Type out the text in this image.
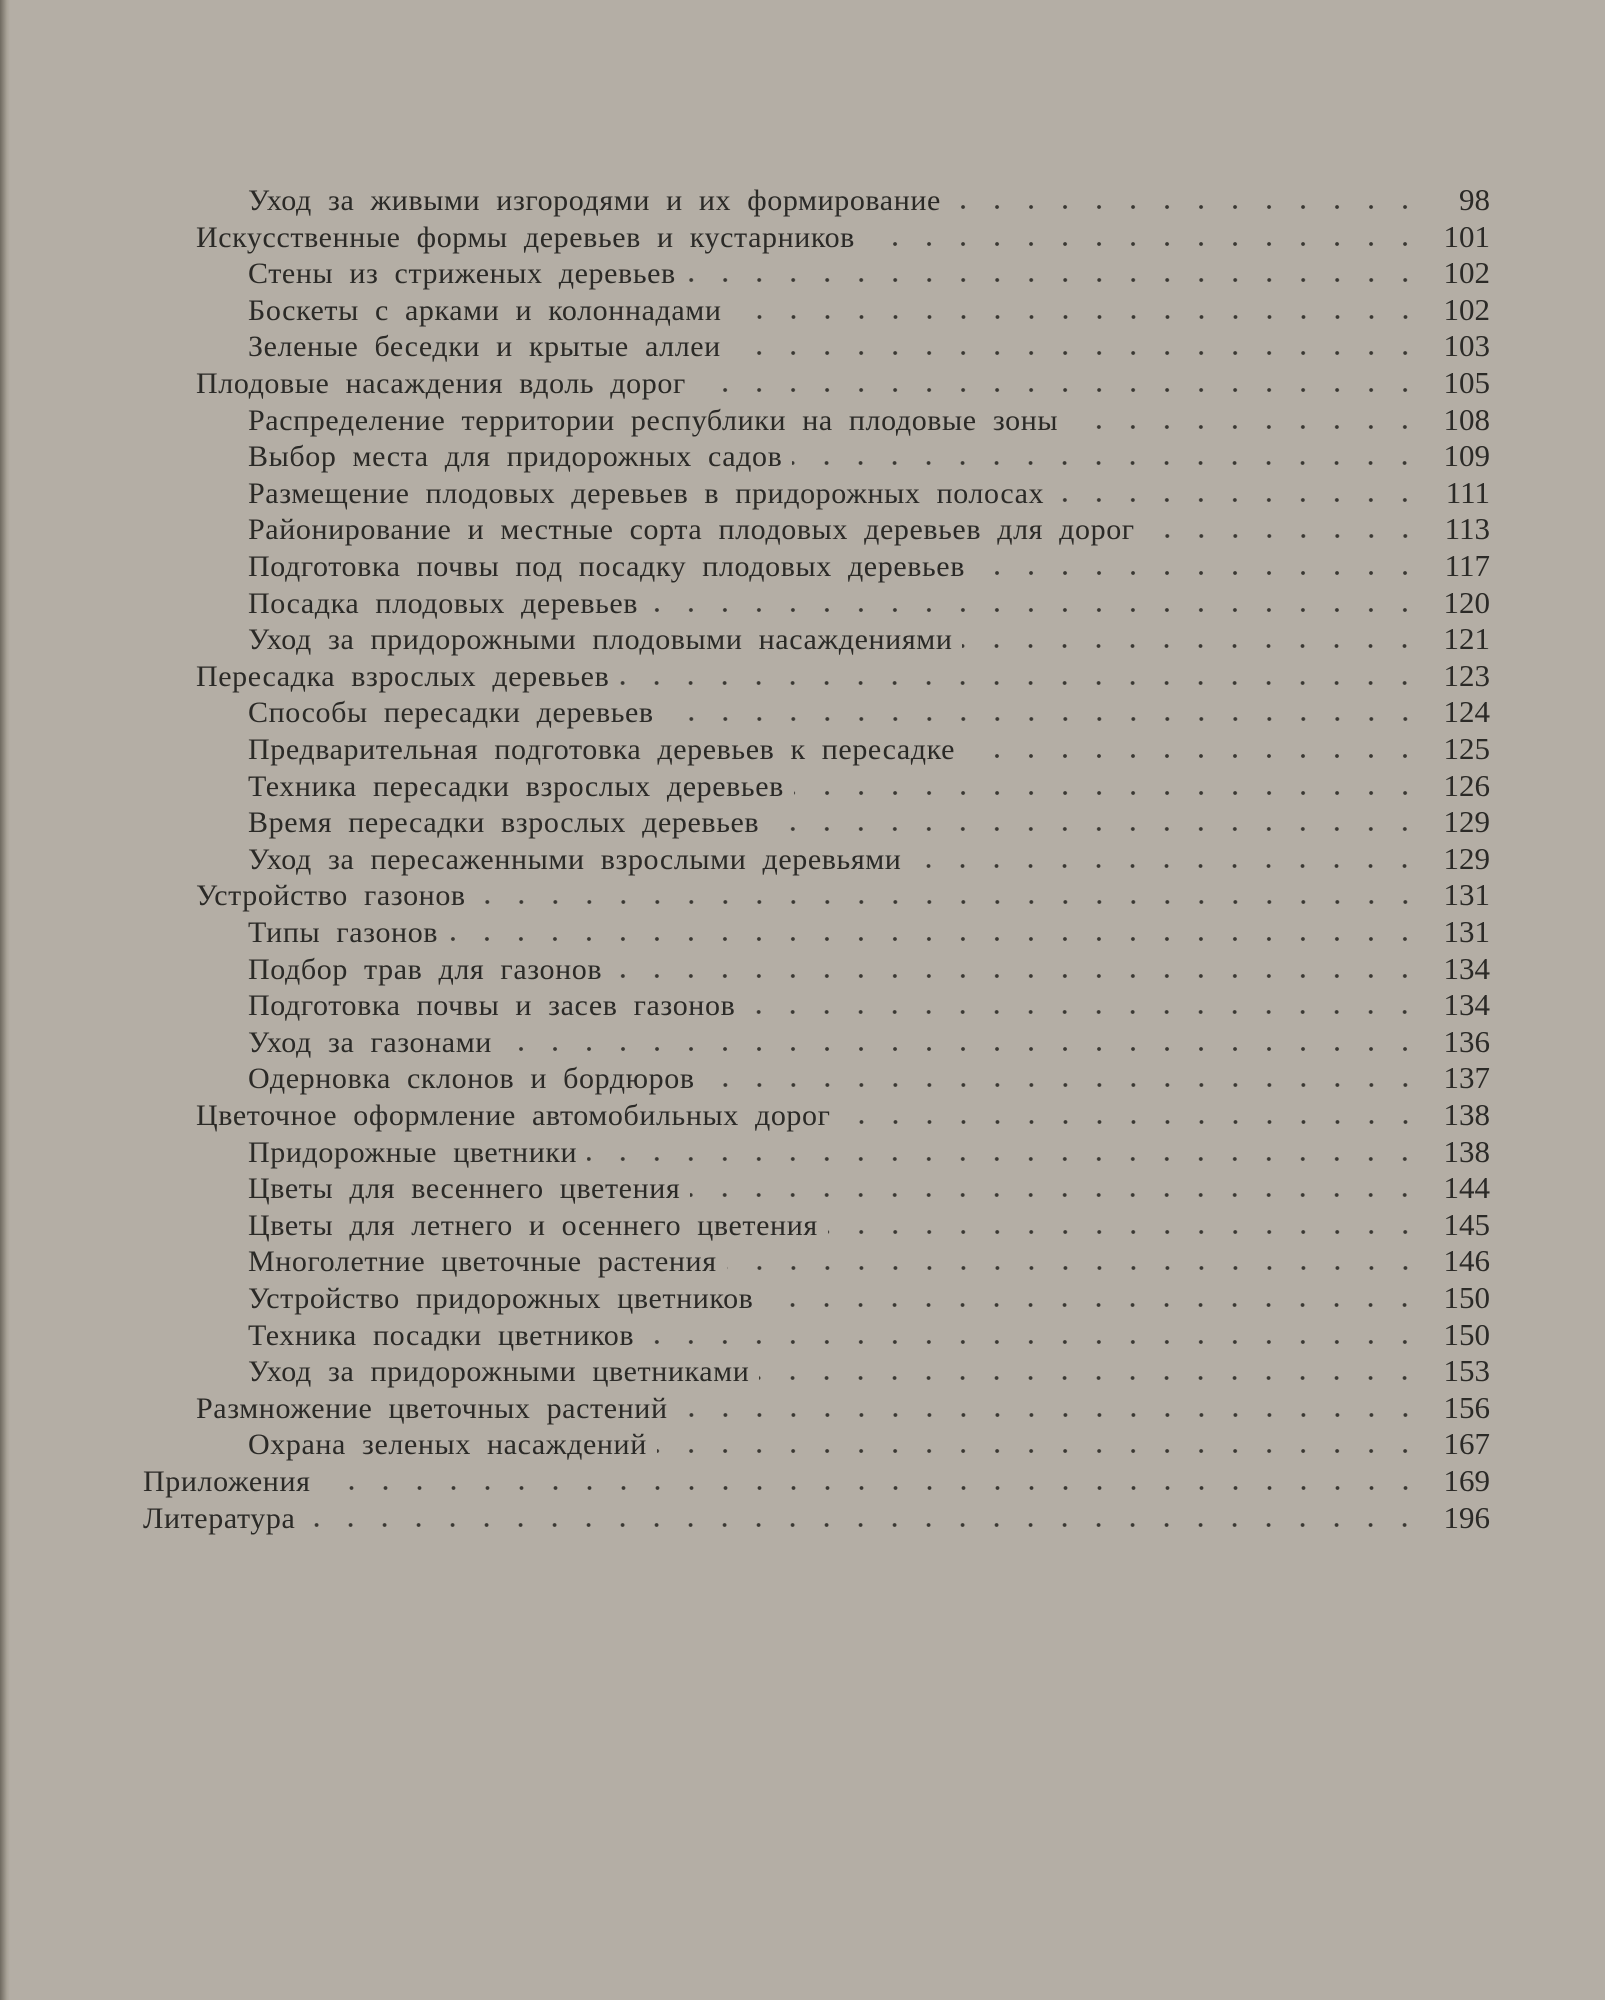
Уход за живыми изгородями и их формирование	98
Искусственные формы деревьев и кустарников	101
Стены из стриженых деревьев	102
Боскеты с арками и колоннадами	102
Зеленые беседки и крытые аллеи	103
Плодовые насаждения вдоль дорог	105
Распределение территории республики на плодовые зоны	108
Выбор места для придорожных садов	109
Размещение плодовых деревьев в придорожных полосах	111
Районирование и местные сорта плодовых деревьев для дорог	113
Подготовка почвы под посадку плодовых деревьев	117
Посадка плодовых деревьев	120
Уход за придорожными плодовыми насаждениями	121
Пересадка взрослых деревьев	123
Способы пересадки деревьев	124
Предварительная подготовка деревьев к пересадке	125
Техника пересадки взрослых деревьев	126
Время пересадки взрослых деревьев	129
Уход за пересаженными взрослыми деревьями	129
Устройство газонов	131
Типы газонов	131
Подбор трав для газонов	134
Подготовка почвы и засев газонов	134
Уход за газонами	136
Одерновка склонов и бордюров	137
Цветочное оформление автомобильных дорог	138
Придорожные цветники	138
Цветы для весеннего цветения	144
Цветы для летнего и осеннего цветения	145
Многолетние цветочные растения	146
Устройство придорожных цветников	150
Техника посадки цветников	150
Уход за придорожными цветниками	153
Размножение цветочных растений	156
Охрана зеленых насаждений	167
Приложения	169
Литература	196
